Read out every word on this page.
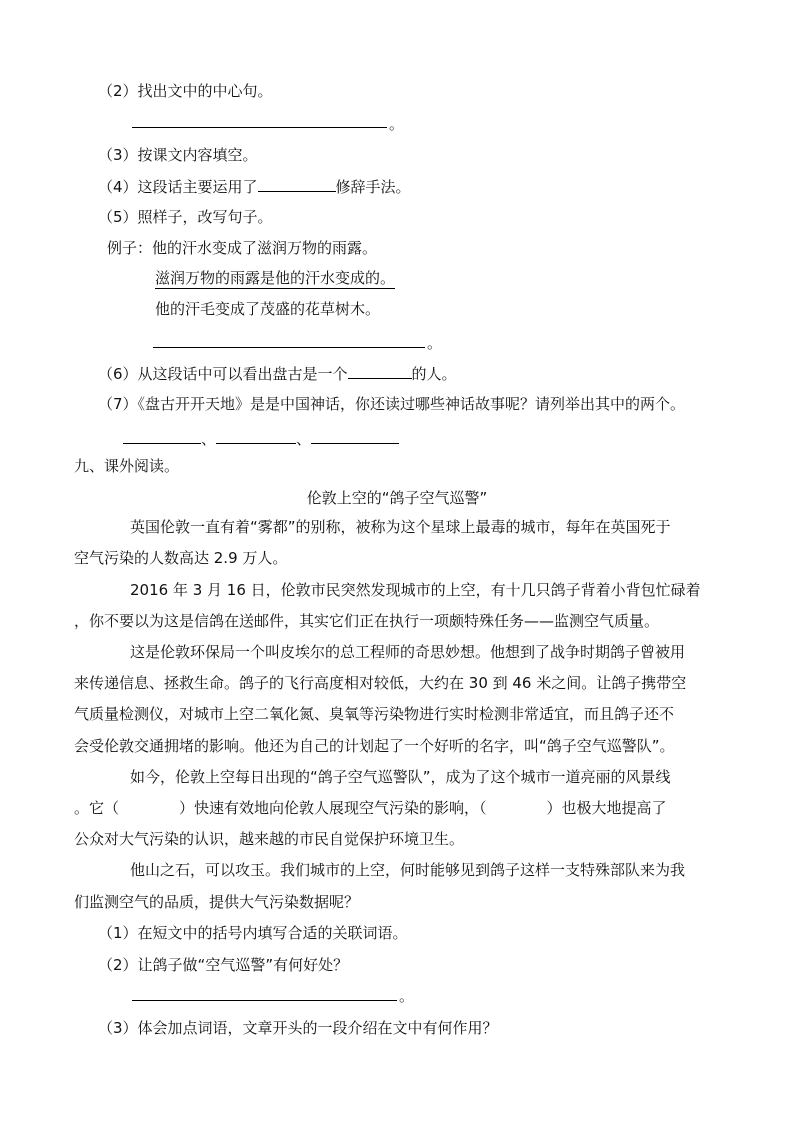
（2）找出文中的中心句。
。
（3）按课文内容填空。
（4）这段话主要运用了	修辞手法。
（5）照样子，改写句子。
例子：他的汗水变成了滋润万物的雨露。
滋润万物的雨露是他的汗水变成的。
他的汗毛变成了茂盛的花草树木。
。
（6）从这段话中可以看出盘古是一个	的人。
（7）《盘古开开天地》是是中国神话，你还读过哪些神话故事呢？请列举出其中的两个。
、	、
九、课外阅读。
伦敦上空的“鸽子空气巡警”
英国伦敦一直有着“雾都”的别称，被称为这个星球上最毒的城市，每年在英国死于
空气污染的人数高达 2.9 万人。
2016 年 3 月 16 日，伦敦市民突然发现城市的上空，有十几只鸽子背着小背包忙碌着
，你不要以为这是信鸽在送邮件，其实它们正在执行一项颇特殊任务——监测空气质量。
这是伦敦环保局一个叫皮埃尔的总工程师的奇思妙想。他想到了战争时期鸽子曾被用
来传递信息、拯救生命。鸽子的飞行高度相对较低，大约在 30 到 46 米之间。让鸽子携带空
气质量检测仪，对城市上空二氧化氮、臭氧等污染物进行实时检测非常适宜，而且鸽子还不
会受伦敦交通拥堵的影响。他还为自己的计划起了一个好听的名字，叫“鸽子空气巡警队”。
如今，伦敦上空每日出现的“鸽子空气巡警队”，成为了这个城市一道亮丽的风景线
。它（　　　　）快速有效地向伦敦人展现空气污染的影响，（　　　　）也极大地提高了
公众对大气污染的认识，越来越的市民自觉保护环境卫生。
他山之石，可以攻玉。我们城市的上空，何时能够见到鸽子这样一支特殊部队来为我
们监测空气的品质，提供大气污染数据呢？
（1）在短文中的括号内填写合适的关联词语。
（2）让鸽子做“空气巡警”有何好处？
。
（3）体会加点词语，文章开头的一段介绍在文中有何作用？
